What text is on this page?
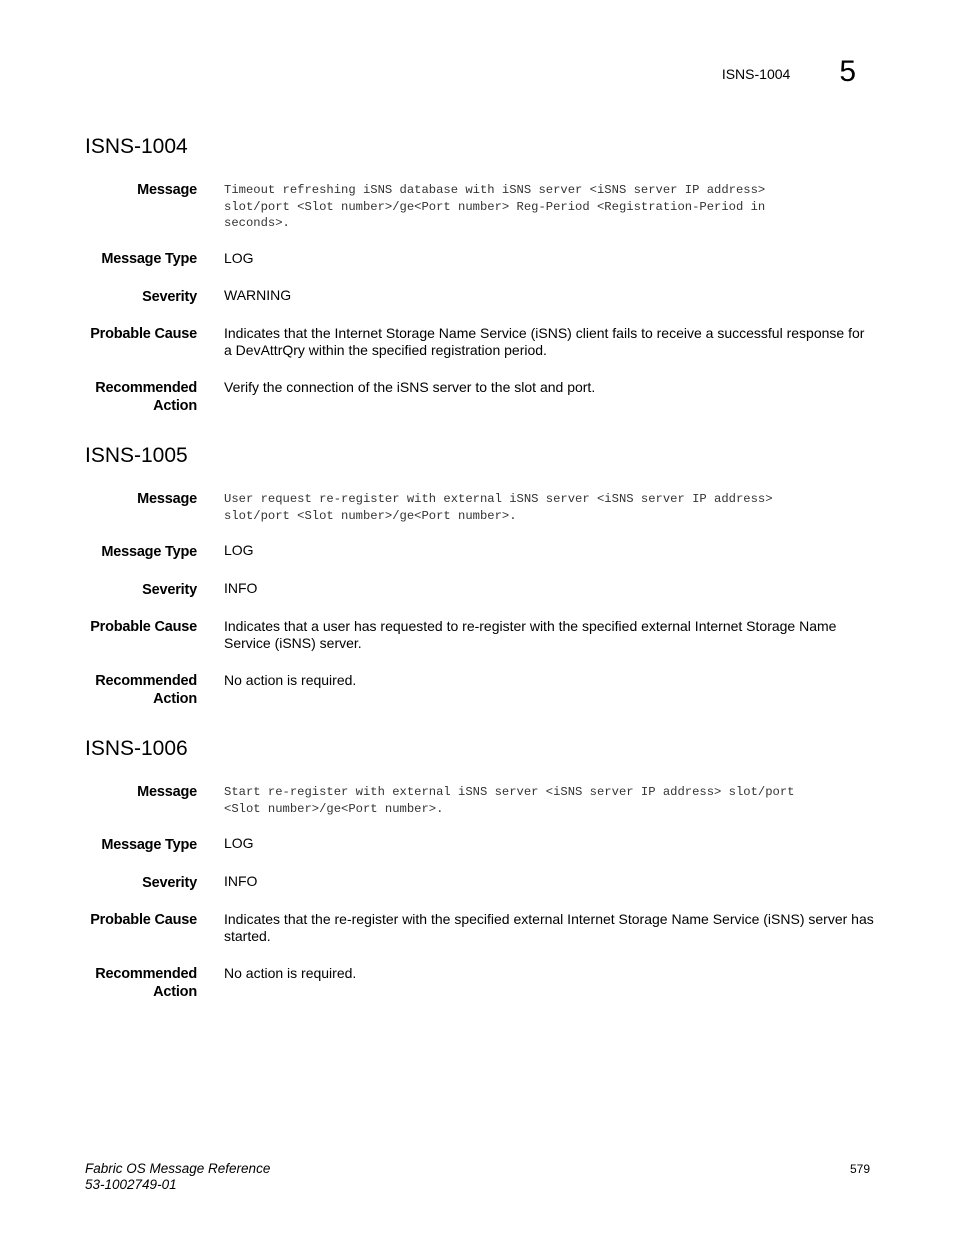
ISNS-1004 5
ISNS-1004
Message Timeout refreshing iSNS database with iSNS server <iSNS server IP address>
slot/port <Slot number>/ge<Port number> Reg-Period <Registration-Period in
seconds>.
Message Type LOG
Severity WARNING
Probable Cause Indicates that the Internet Storage Name Service (iSNS) client fails to receive a successful response for a DevAttrQry within the specified registration period.
Recommended
Action
Verify the connection of the iSNS server to the slot and port.
ISNS-1005
Message User request re-register with external iSNS server <iSNS server IP address>
slot/port <Slot number>/ge<Port number>.
Message Type LOG
Severity INFO
Probable Cause Indicates that a user has requested to re-register with the specified external Internet Storage Name Service (iSNS) server.
Recommended
Action
No action is required.
ISNS-1006
Message Start re-register with external iSNS server <iSNS server IP address> slot/port
<Slot number>/ge<Port number>.
Message Type LOG
Severity INFO
Probable Cause Indicates that the re-register with the specified external Internet Storage Name Service (iSNS) server has started.
Recommended
Action
No action is required.
Fabric OS Message Reference
53-1002749-01
579
